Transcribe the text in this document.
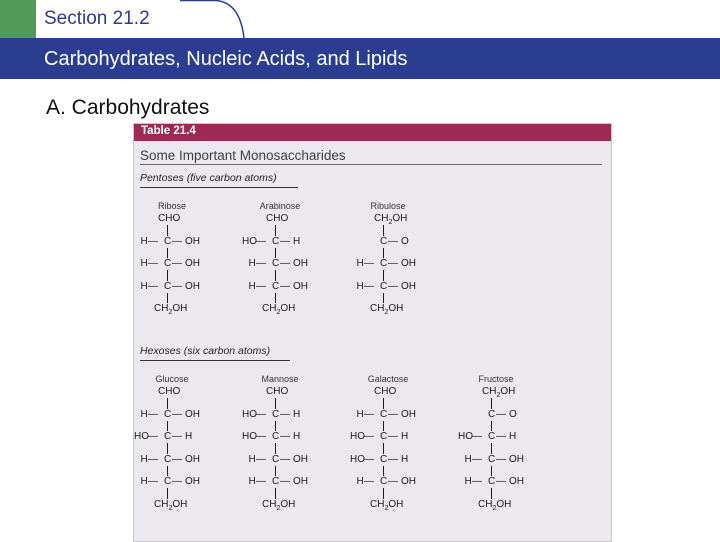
Section 21.2
Carbohydrates, Nucleic Acids, and Lipids
A. Carbohydrates
Table 21.4
Some Important Monosaccharides
Pentoses (five carbon atoms)
Hexoses (six carbon atoms)
Ribose
CHO
H — C — OH
H — C — OH
H — C — OH
$CH_2OH$
Arabinose
CHO
HO — C — H
H — C — OH
H — C — OH
$CH_2OH$
Ribulose
$CH_2OH$
C — O
H — C — OH
H — C — OH
$CH_2OH$
Glucose
CHO
H — C — OH
HO — C — H
H — C — OH
H — C — OH
$CH_2OH$
Mannose
CHO
HO — C — H
HO — C — H
H — C — OH
H — C — OH
$CH_2OH$
Galactose
CHO
H — C — OH
HO — C — H
HO — C — H
H — C — OH
$CH_2OH$
Fructose
$CH_2OH$
C — O
HO — C — H
H — C — OH
H — C — OH
$CH_2OH$
